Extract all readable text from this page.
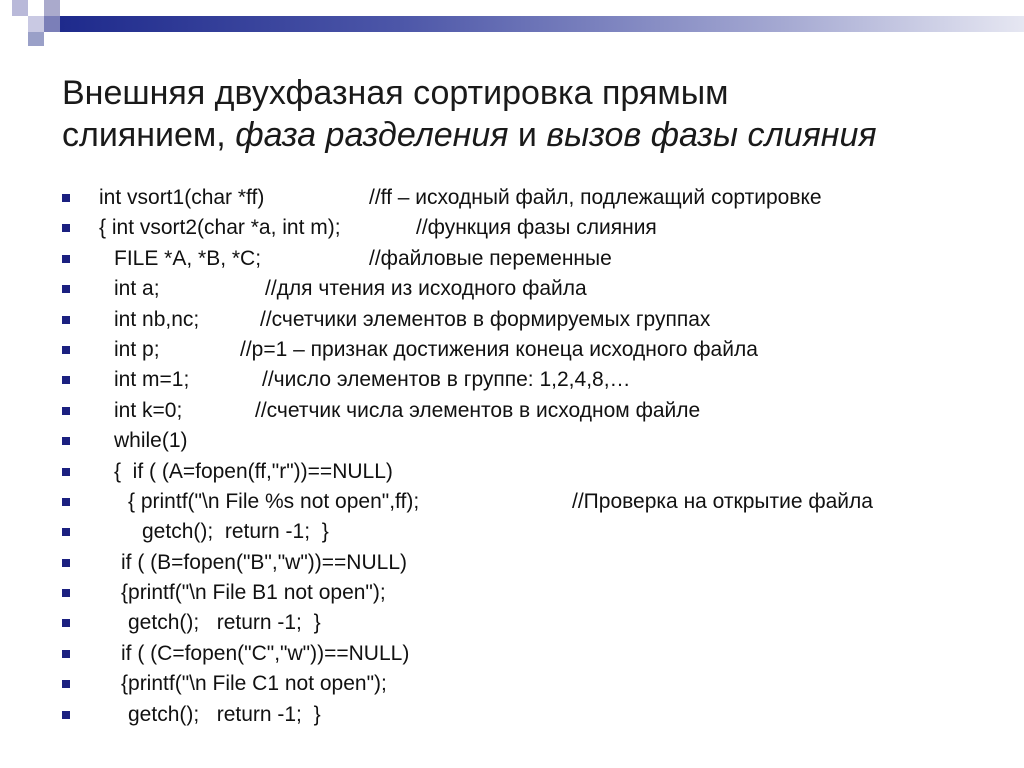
Внешняя двухфазная сортировка прямым
слиянием, фаза разделения и вызов фазы слияния
int vsort1(char *ff)	//ff – исходный файл, подлежащий сортировке
{ int vsort2(char *a, int m);	//функция фазы слияния
FILE *A, *B, *C;	//файловые переменные
int a;	//для чтения из исходного файла
int nb,nc;	//счетчики элементов в формируемых группах
int p;	//p=1 – признак достижения конеца исходного файла
int m=1;	//число элементов в группе: 1,2,4,8,…
int k=0;	//счетчик числа элементов в исходном файле
while(1)
{  if ( (A=fopen(ff,"r"))==NULL)
{ printf("\n File %s not open",ff);	//Проверка на открытие файла
getch();  return -1;  }
if ( (B=fopen("B","w"))==NULL)
{printf("\n File B1 not open");
getch();   return -1;  }
if ( (C=fopen("C","w"))==NULL)
{printf("\n File C1 not open");
getch();   return -1;  }
